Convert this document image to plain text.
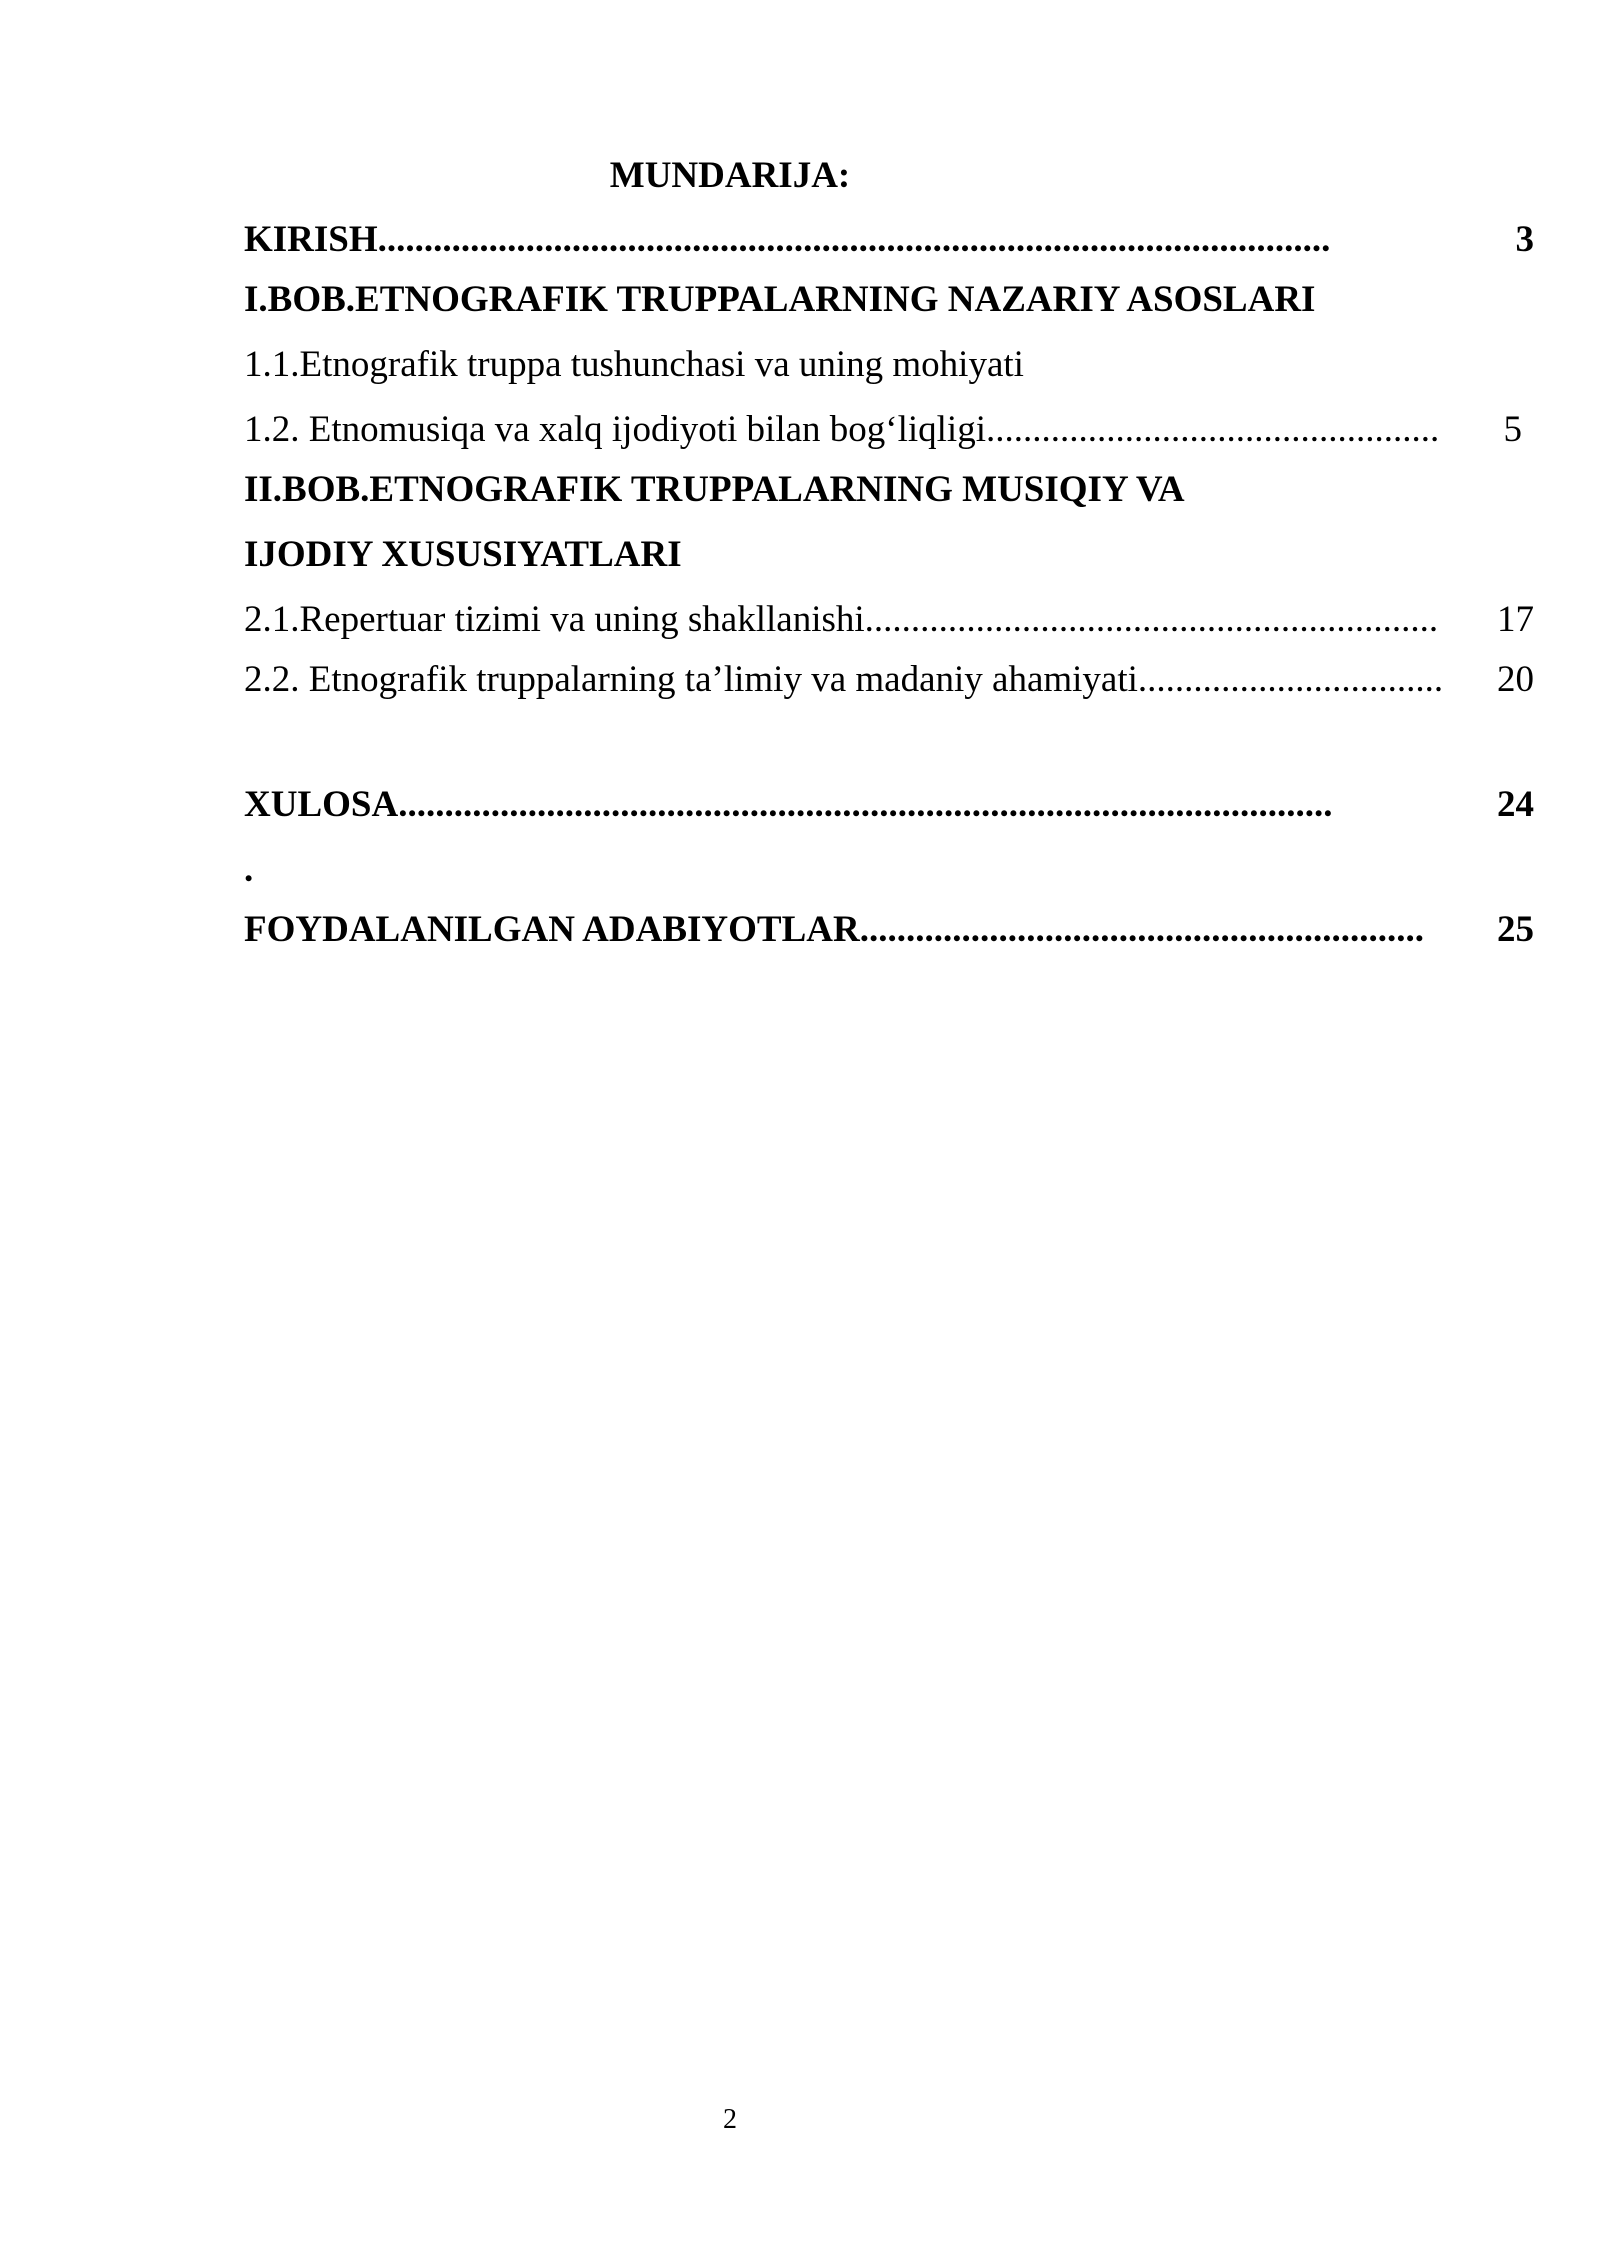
MUNDARIJA:
KIRISH.......................................................................................................	3
I.BOB.ETNOGRAFIK TRUPPALARNING NAZARIY ASOSLARI
1.1.Etnografik truppa tushunchasi va uning mohiyati
1.2. Etnomusiqa va xalq ijodiyoti bilan bog‘liqligi.................................................	5
II.BOB.ETNOGRAFIK TRUPPALARNING MUSIQIY VA
IJODIY XUSUSIYATLARI
2.1.Repertuar tizimi va uning shakllanishi..............................................................	17
2.2. Etnografik truppalarning ta’limiy va madaniy ahamiyati.................................	20
XULOSA.....................................................................................................	24
.
FOYDALANILGAN ADABIYOTLAR.............................................................	25
2
